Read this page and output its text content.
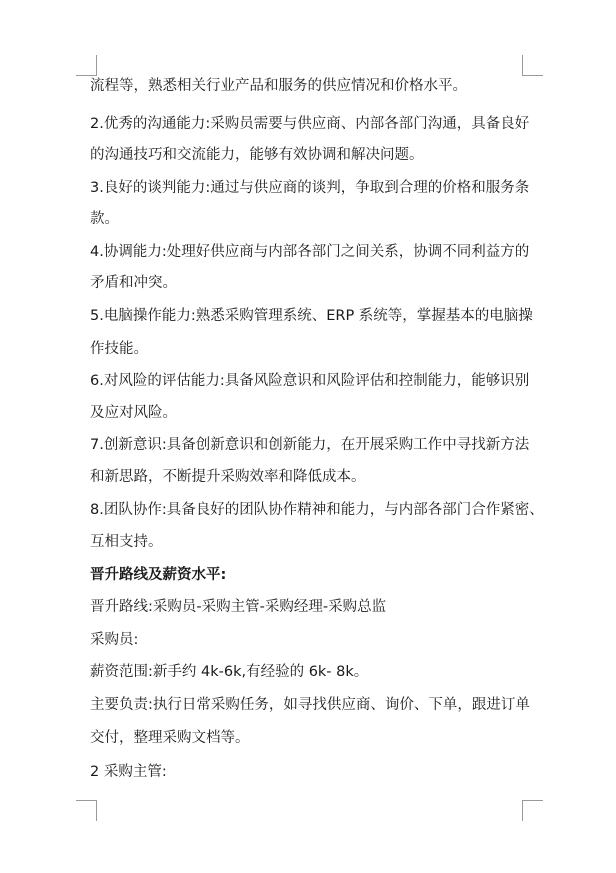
流程等，熟悉相关行业产品和服务的供应情况和价格水平。
2.优秀的沟通能力:采购员需要与供应商、内部各部门沟通，具备良好
的沟通技巧和交流能力，能够有效协调和解决问题。
3.良好的谈判能力:通过与供应商的谈判，争取到合理的价格和服务条
款。
4.协调能力:处理好供应商与内部各部门之间关系，协调不同利益方的
矛盾和冲突。
5.电脑操作能力:熟悉采购管理系统、ERP 系统等，掌握基本的电脑操
作技能。
6.对风险的评估能力:具备风险意识和风险评估和控制能力，能够识别
及应对风险。
7.创新意识:具备创新意识和创新能力，在开展采购工作中寻找新方法
和新思路，不断提升采购效率和降低成本。
8.团队协作:具备良好的团队协作精神和能力，与内部各部门合作紧密、
互相支持。
晋升路线及薪资水平:
晋升路线:采购员-采购主管-采购经理-采购总监
采购员:
薪资范围:新手约 4k-6k,有经验的 6k- 8k。
主要负责:执行日常采购任务，如寻找供应商、询价、下单，跟进订单
交付，整理采购文档等。
2 采购主管:
